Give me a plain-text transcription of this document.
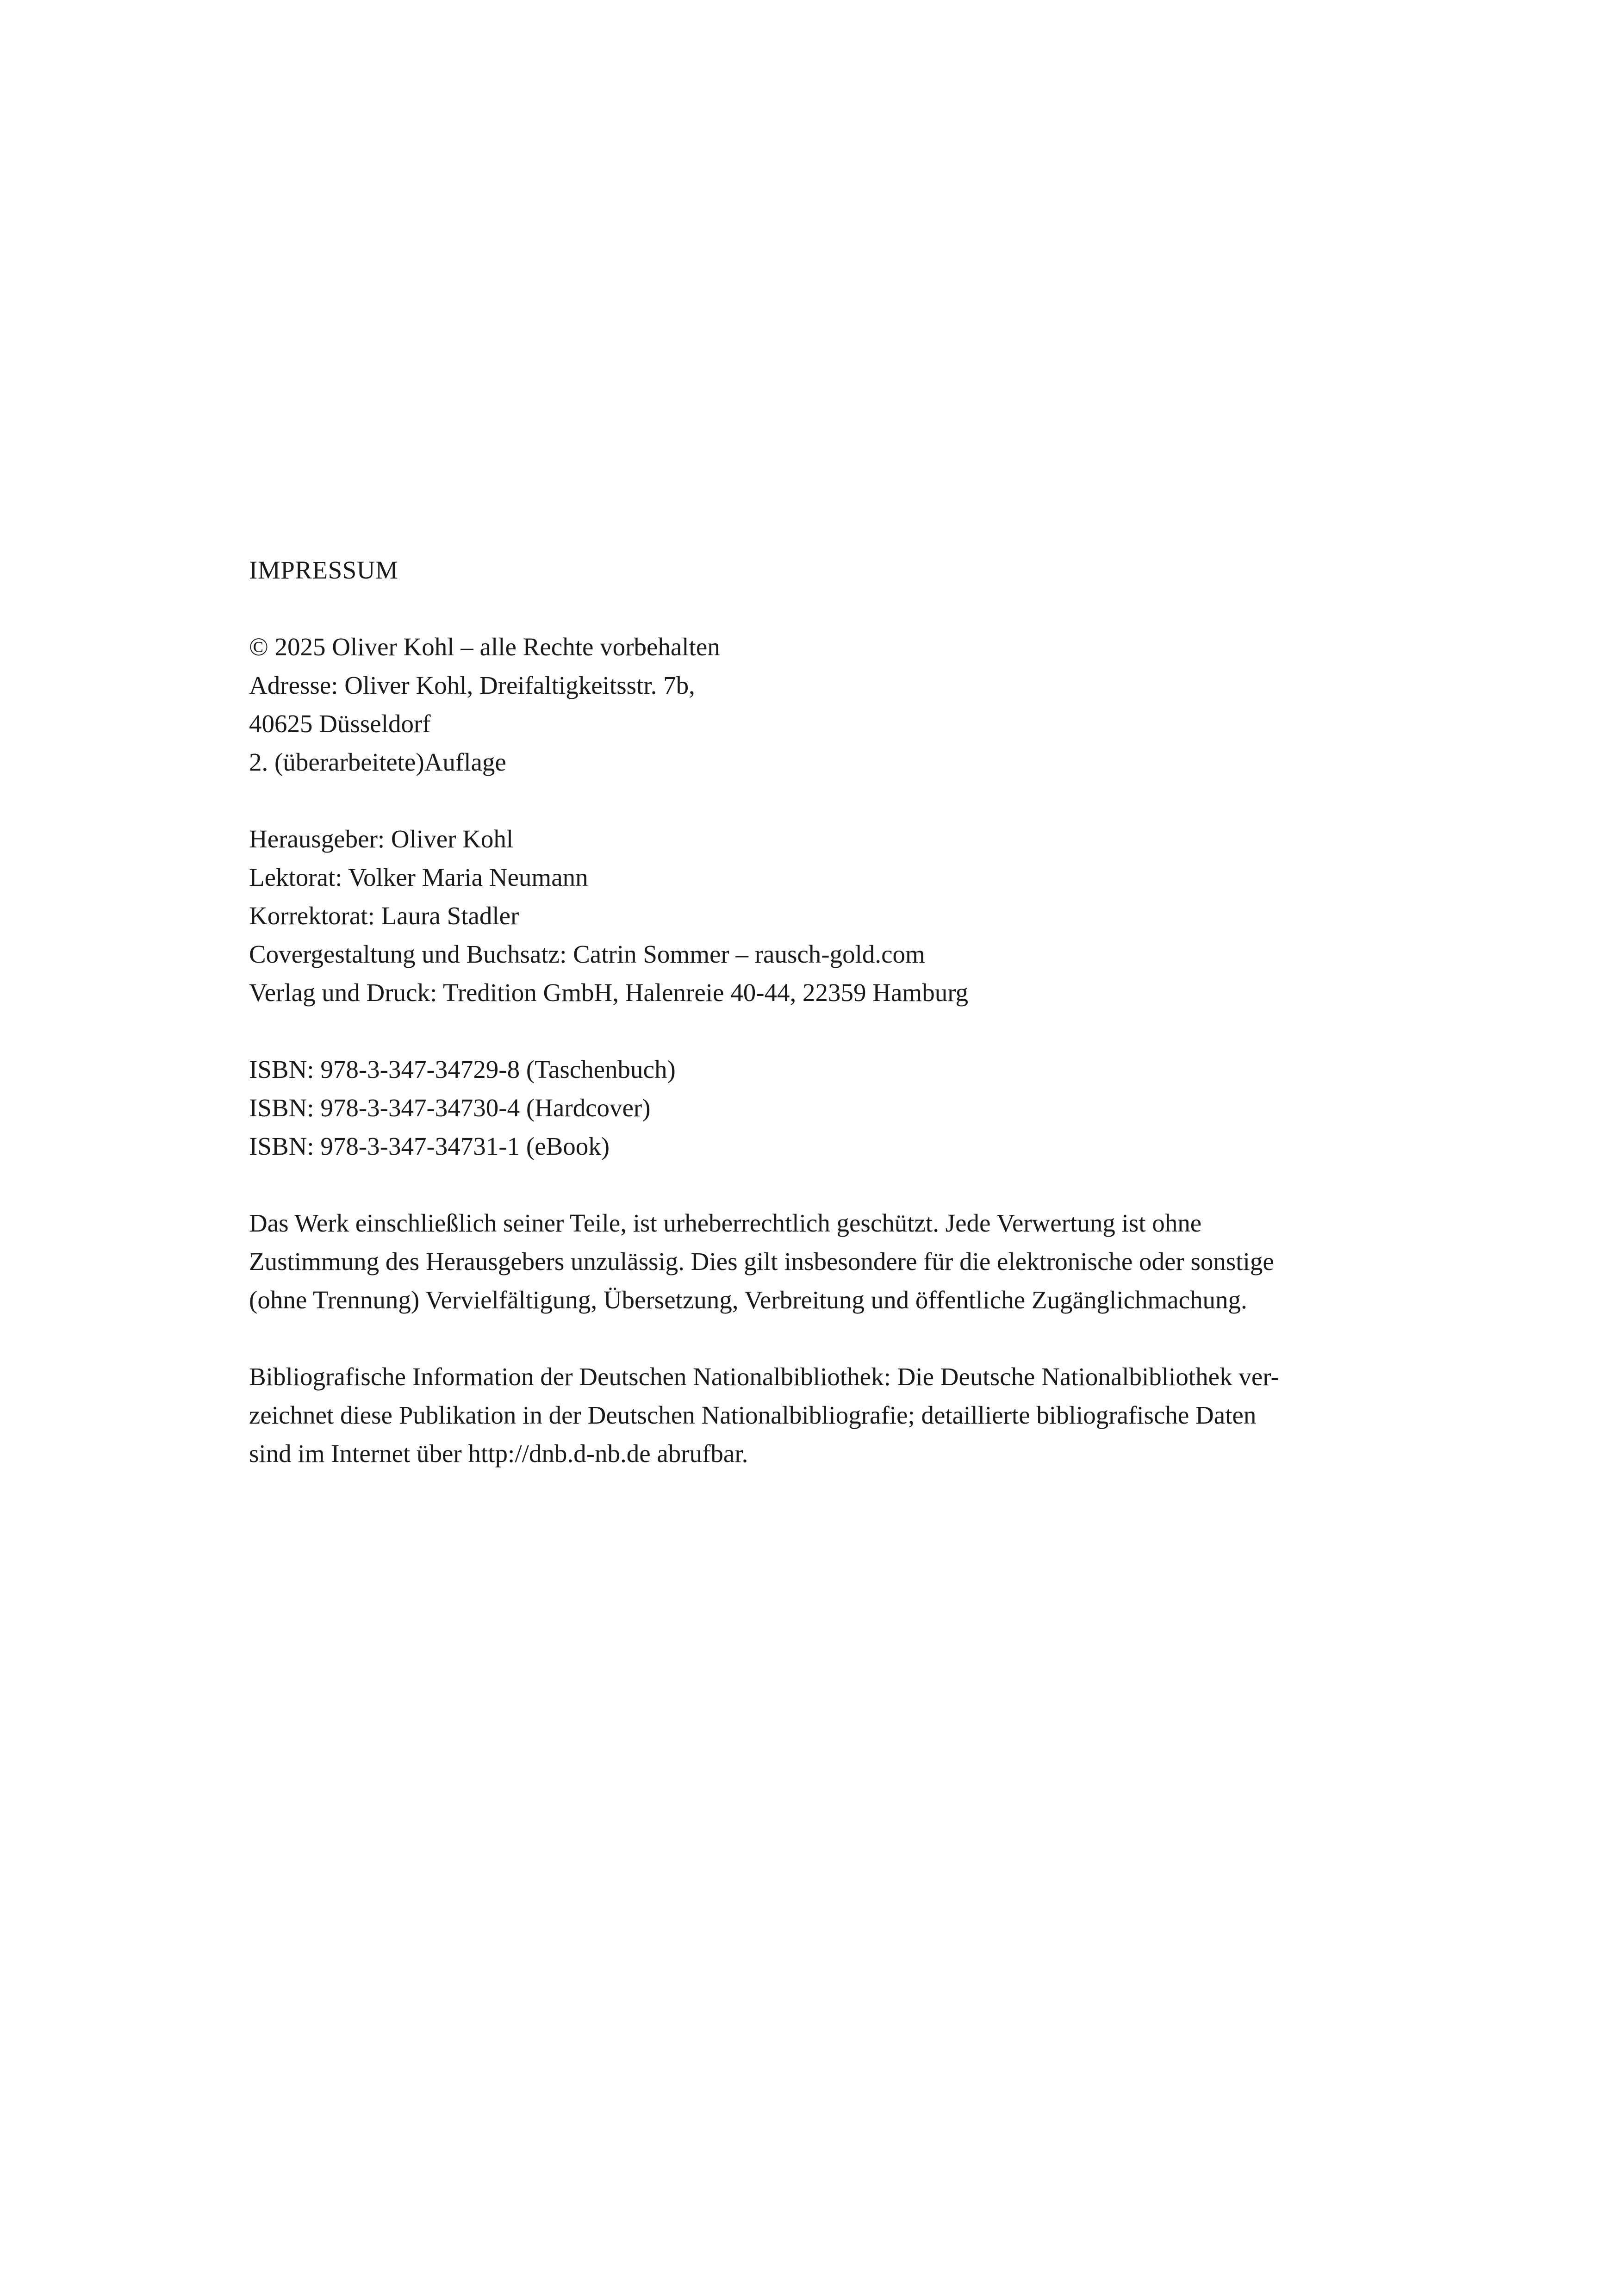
IMPRESSUM
© 2025 Oliver Kohl – alle Rechte vorbehalten
Adresse: Oliver Kohl, Dreifaltigkeitsstr. 7b,
40625 Düsseldorf
2. (überarbeitete)Auflage
Herausgeber: Oliver Kohl
Lektorat: Volker Maria Neumann
Korrektorat: Laura Stadler
Covergestaltung und Buchsatz: Catrin Sommer – rausch-gold.com
Verlag und Druck: Tredition GmbH, Halenreie 40-44, 22359 Hamburg
ISBN: 978-3-347-34729-8 (Taschenbuch)
ISBN: 978-3-347-34730-4 (Hardcover)
ISBN: 978-3-347-34731-1 (eBook)
Das Werk einschließlich seiner Teile, ist urheberrechtlich geschützt. Jede Verwertung ist ohne
Zustimmung des Herausgebers unzulässig. Dies gilt insbesondere für die elektronische oder sonstige
(ohne Trennung) Vervielfältigung, Übersetzung, Verbreitung und öffentliche Zugänglichmachung.
Bibliografische Information der Deutschen Nationalbibliothek: Die Deutsche Nationalbibliothek ver-
zeichnet diese Publikation in der Deutschen Nationalbibliografie; detaillierte bibliografische Daten
sind im Internet über http://dnb.d-nb.de abrufbar.
